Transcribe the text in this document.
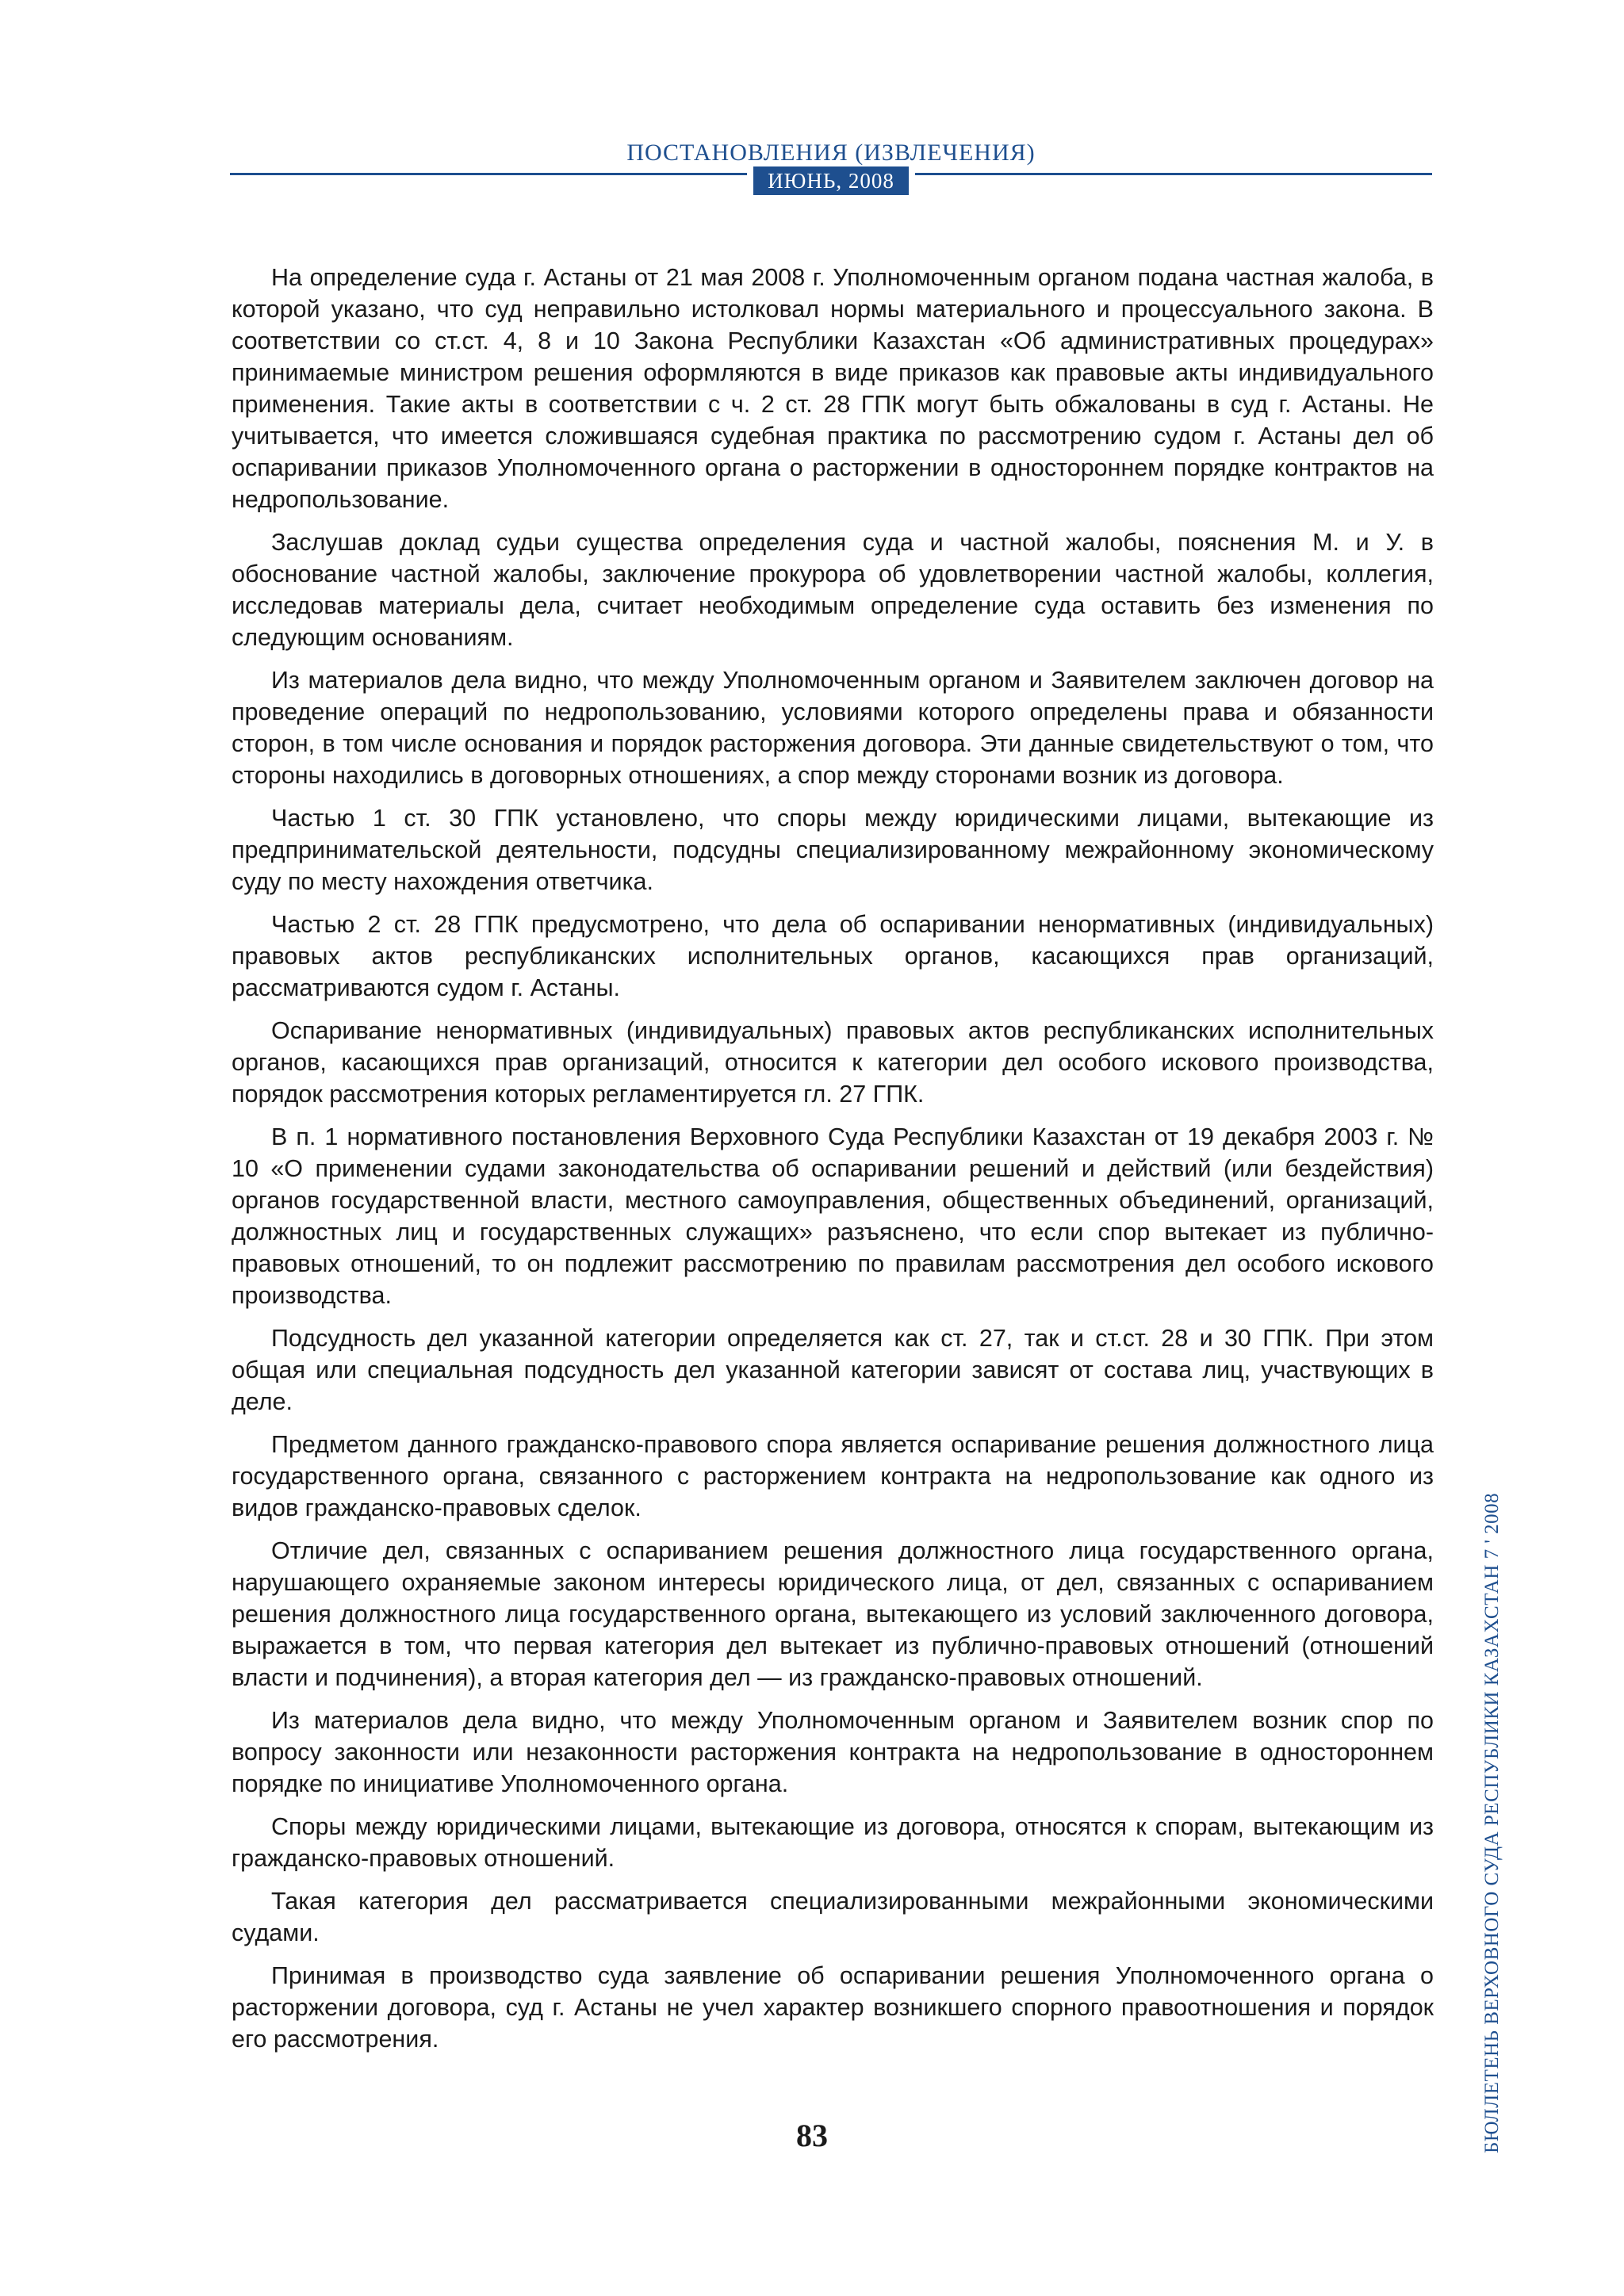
ПОСТАНОВЛЕНИЯ (ИЗВЛЕЧЕНИЯ)
ИЮНЬ, 2008

На определение суда г. Астаны от 21 мая 2008 г. Уполномоченным органом подана частная жалоба, в которой указано, что суд неправильно истолковал нормы материального и процессуального закона. В соответствии со ст.ст. 4, 8 и 10 Закона Республики Казахстан «Об административных процедурах» принимаемые министром решения оформляются в виде приказов как правовые акты индивидуального применения. Такие акты в соответствии с ч. 2 ст. 28 ГПК могут быть обжалованы в суд г. Астаны. Не учитывается, что имеется сложившаяся судебная практика по рассмотрению судом г. Астаны дел об оспаривании приказов Уполномоченного органа о расторжении в одностороннем порядке контрактов на недропользование.

Заслушав доклад судьи существа определения суда и частной жалобы, пояснения М. и У. в обоснование частной жалобы, заключение прокурора об удовлетворении частной жалобы, коллегия, исследовав материалы дела, считает необходимым определение суда оставить без изменения по следующим основаниям.

Из материалов дела видно, что между Уполномоченным органом и Заявителем заключен договор на проведение операций по недропользованию, условиями которого определены права и обязанности сторон, в том числе основания и порядок расторжения договора. Эти данные свидетельствуют о том, что стороны находились в договорных отношениях, а спор между сторонами возник из договора.

Частью 1 ст. 30 ГПК установлено, что споры между юридическими лицами, вытекающие из предпринимательской деятельности, подсудны специализированному межрайонному экономическому суду по месту нахождения ответчика.

Частью 2 ст. 28 ГПК предусмотрено, что дела об оспаривании ненормативных (индивидуальных) правовых актов республиканских исполнительных органов, касающихся прав организаций, рассматриваются судом г. Астаны.

Оспаривание ненормативных (индивидуальных) правовых актов республиканских исполнительных органов, касающихся прав организаций, относится к категории дел особого искового производства, порядок рассмотрения которых регламентируется гл. 27 ГПК.

В п. 1 нормативного постановления Верховного Суда Республики Казахстан от 19 декабря 2003 г. № 10 «О применении судами законодательства об оспаривании решений и действий (или бездействия) органов государственной власти, местного самоуправления, общественных объединений, организаций, должностных лиц и государственных служащих» разъяснено, что если спор вытекает из публично-правовых отношений, то он подлежит рассмотрению по правилам рассмотрения дел особого искового производства.

Подсудность дел указанной категории определяется как ст. 27, так и ст.ст. 28 и 30 ГПК. При этом общая или специальная подсудность дел указанной категории зависят от состава лиц, участвующих в деле.

Предметом данного гражданско-правового спора является оспаривание решения должностного лица государственного органа, связанного с расторжением контракта на недропользование как одного из видов гражданско-правовых сделок.

Отличие дел, связанных с оспариванием решения должностного лица государственного органа, нарушающего охраняемые законом интересы юридического лица, от дел, связанных с оспариванием решения должностного лица государственного органа, вытекающего из условий заключенного договора, выражается в том, что первая категория дел вытекает из публично-правовых отношений (отношений власти и подчинения), а вторая категория дел — из гражданско-правовых отношений.

Из материалов дела видно, что между Уполномоченным органом и Заявителем возник спор по вопросу законности или незаконности расторжения контракта на недропользование в одностороннем порядке по инициативе Уполномоченного органа.

Споры между юридическими лицами, вытекающие из договора, относятся к спорам, вытекающим из гражданско-правовых отношений.

Такая категория дел рассматривается специализированными межрайонными экономическими судами.

Принимая в производство суда заявление об оспаривании решения Уполномоченного органа о расторжении договора, суд г. Астаны не учел характер возникшего спорного правоотношения и порядок его рассмотрения.

83	БЮЛЛЕТЕНЬ ВЕРХОВНОГО СУДА РЕСПУБЛИКИ КАЗАХСТАН 7 ' 2008
